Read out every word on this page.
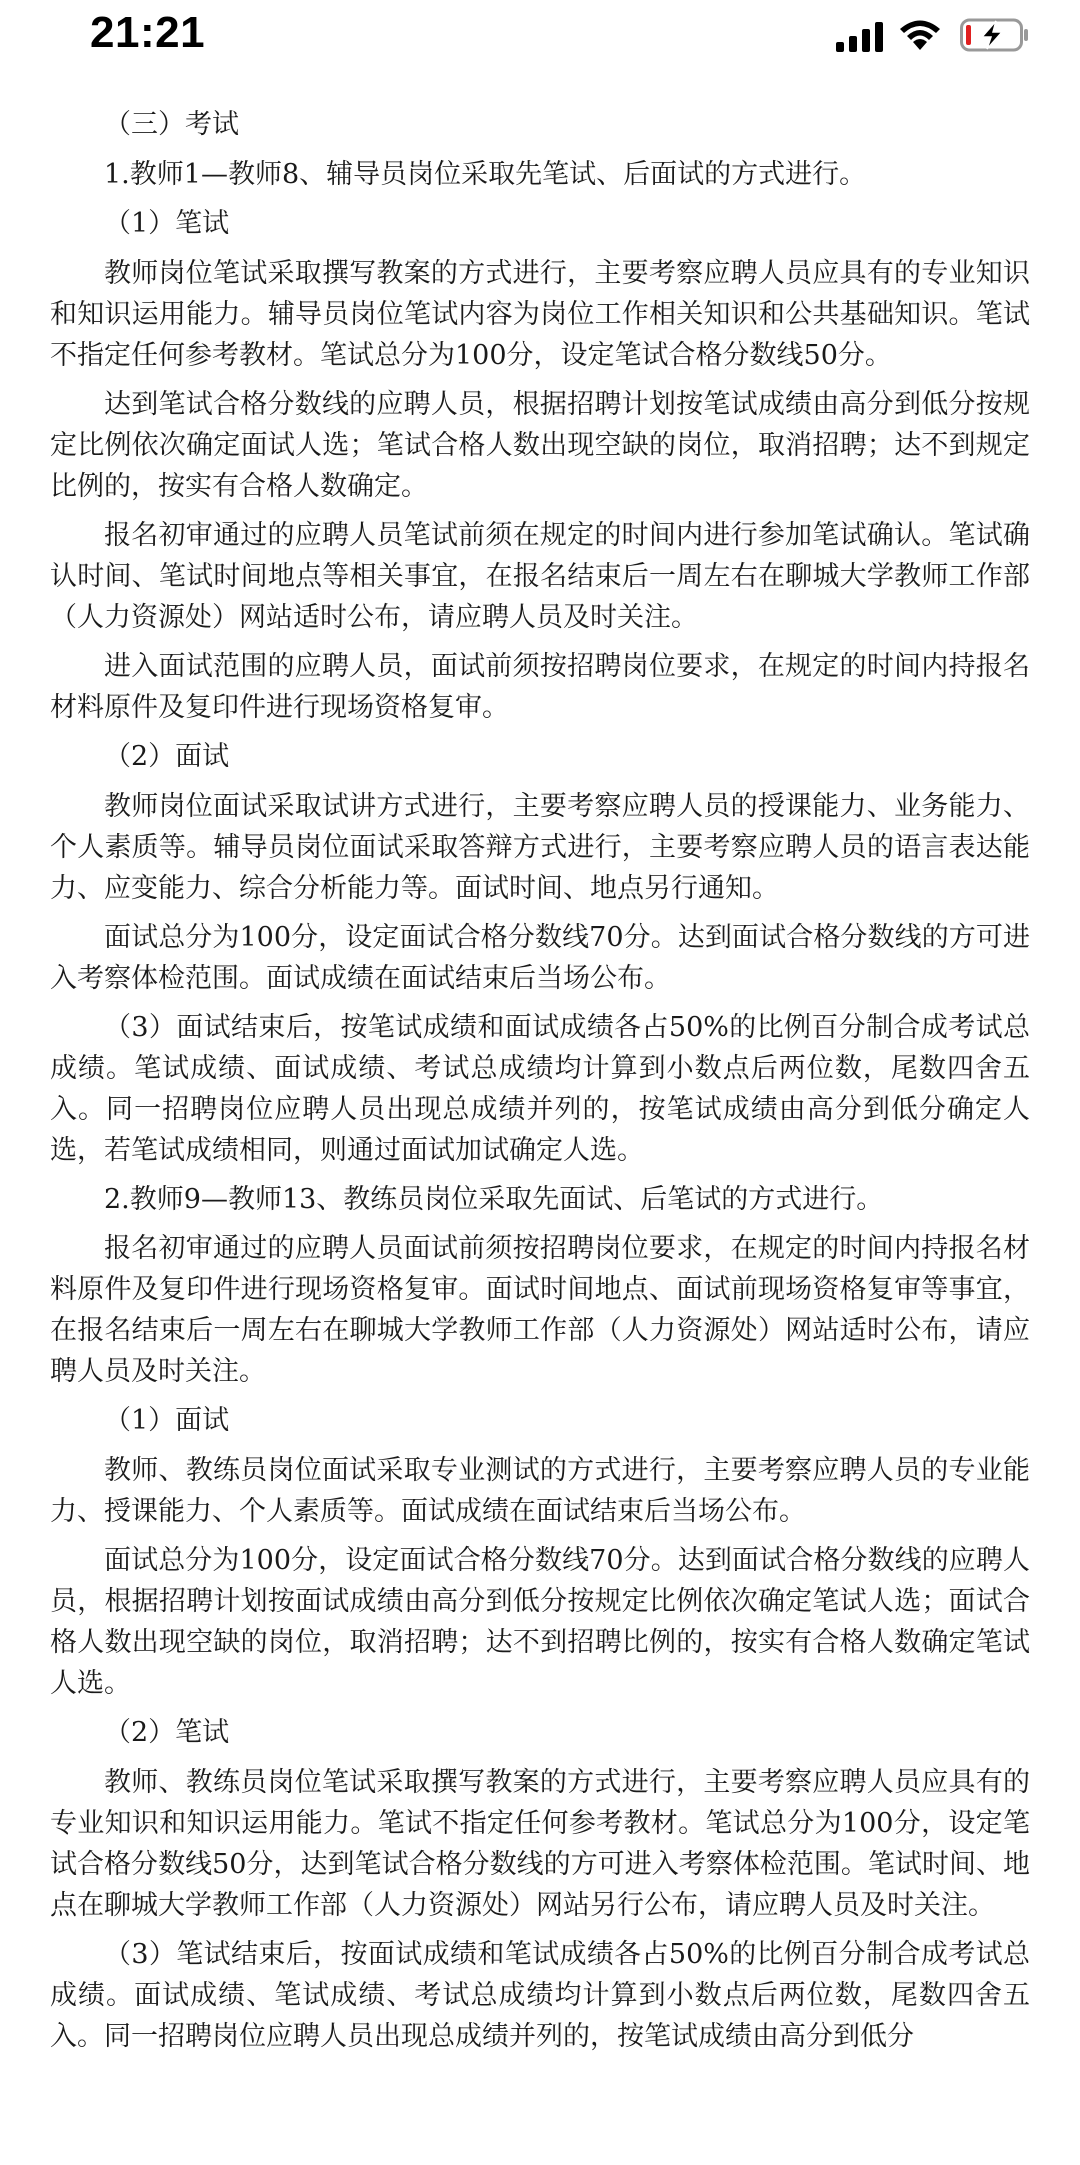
21:21

（三）考试

1.教师1—教师8、辅导员岗位采取先笔试、后面试的方式进行。

（1）笔试

教师岗位笔试采取撰写教案的方式进行，主要考察应聘人员应具有的专业知识和知识运用能力。辅导员岗位笔试内容为岗位工作相关知识和公共基础知识。笔试不指定任何参考教材。笔试总分为100分，设定笔试合格分数线50分。

达到笔试合格分数线的应聘人员，根据招聘计划按笔试成绩由高分到低分按规定比例依次确定面试人选；笔试合格人数出现空缺的岗位，取消招聘；达不到规定比例的，按实有合格人数确定。

报名初审通过的应聘人员笔试前须在规定的时间内进行参加笔试确认。笔试确认时间、笔试时间地点等相关事宜，在报名结束后一周左右在聊城大学教师工作部（人力资源处）网站适时公布，请应聘人员及时关注。

进入面试范围的应聘人员，面试前须按招聘岗位要求，在规定的时间内持报名材料原件及复印件进行现场资格复审。

（2）面试

教师岗位面试采取试讲方式进行，主要考察应聘人员的授课能力、业务能力、个人素质等。辅导员岗位面试采取答辩方式进行，主要考察应聘人员的语言表达能力、应变能力、综合分析能力等。面试时间、地点另行通知。

面试总分为100分，设定面试合格分数线70分。达到面试合格分数线的方可进入考察体检范围。面试成绩在面试结束后当场公布。

（3）面试结束后，按笔试成绩和面试成绩各占50%的比例百分制合成考试总成绩。笔试成绩、面试成绩、考试总成绩均计算到小数点后两位数，尾数四舍五入。同一招聘岗位应聘人员出现总成绩并列的，按笔试成绩由高分到低分确定人选，若笔试成绩相同，则通过面试加试确定人选。

2.教师9—教师13、教练员岗位采取先面试、后笔试的方式进行。

报名初审通过的应聘人员面试前须按招聘岗位要求，在规定的时间内持报名材料原件及复印件进行现场资格复审。面试时间地点、面试前现场资格复审等事宜，在报名结束后一周左右在聊城大学教师工作部（人力资源处）网站适时公布，请应聘人员及时关注。

（1）面试

教师、教练员岗位面试采取专业测试的方式进行，主要考察应聘人员的专业能力、授课能力、个人素质等。面试成绩在面试结束后当场公布。

面试总分为100分，设定面试合格分数线70分。达到面试合格分数线的应聘人员，根据招聘计划按面试成绩由高分到低分按规定比例依次确定笔试人选；面试合格人数出现空缺的岗位，取消招聘；达不到招聘比例的，按实有合格人数确定笔试人选。

（2）笔试

教师、教练员岗位笔试采取撰写教案的方式进行，主要考察应聘人员应具有的专业知识和知识运用能力。笔试不指定任何参考教材。笔试总分为100分，设定笔试合格分数线50分，达到笔试合格分数线的方可进入考察体检范围。笔试时间、地点在聊城大学教师工作部（人力资源处）网站另行公布，请应聘人员及时关注。

（3）笔试结束后，按面试成绩和笔试成绩各占50%的比例百分制合成考试总成绩。面试成绩、笔试成绩、考试总成绩均计算到小数点后两位数，尾数四舍五入。同一招聘岗位应聘人员出现总成绩并列的，按笔试成绩由高分到低分
